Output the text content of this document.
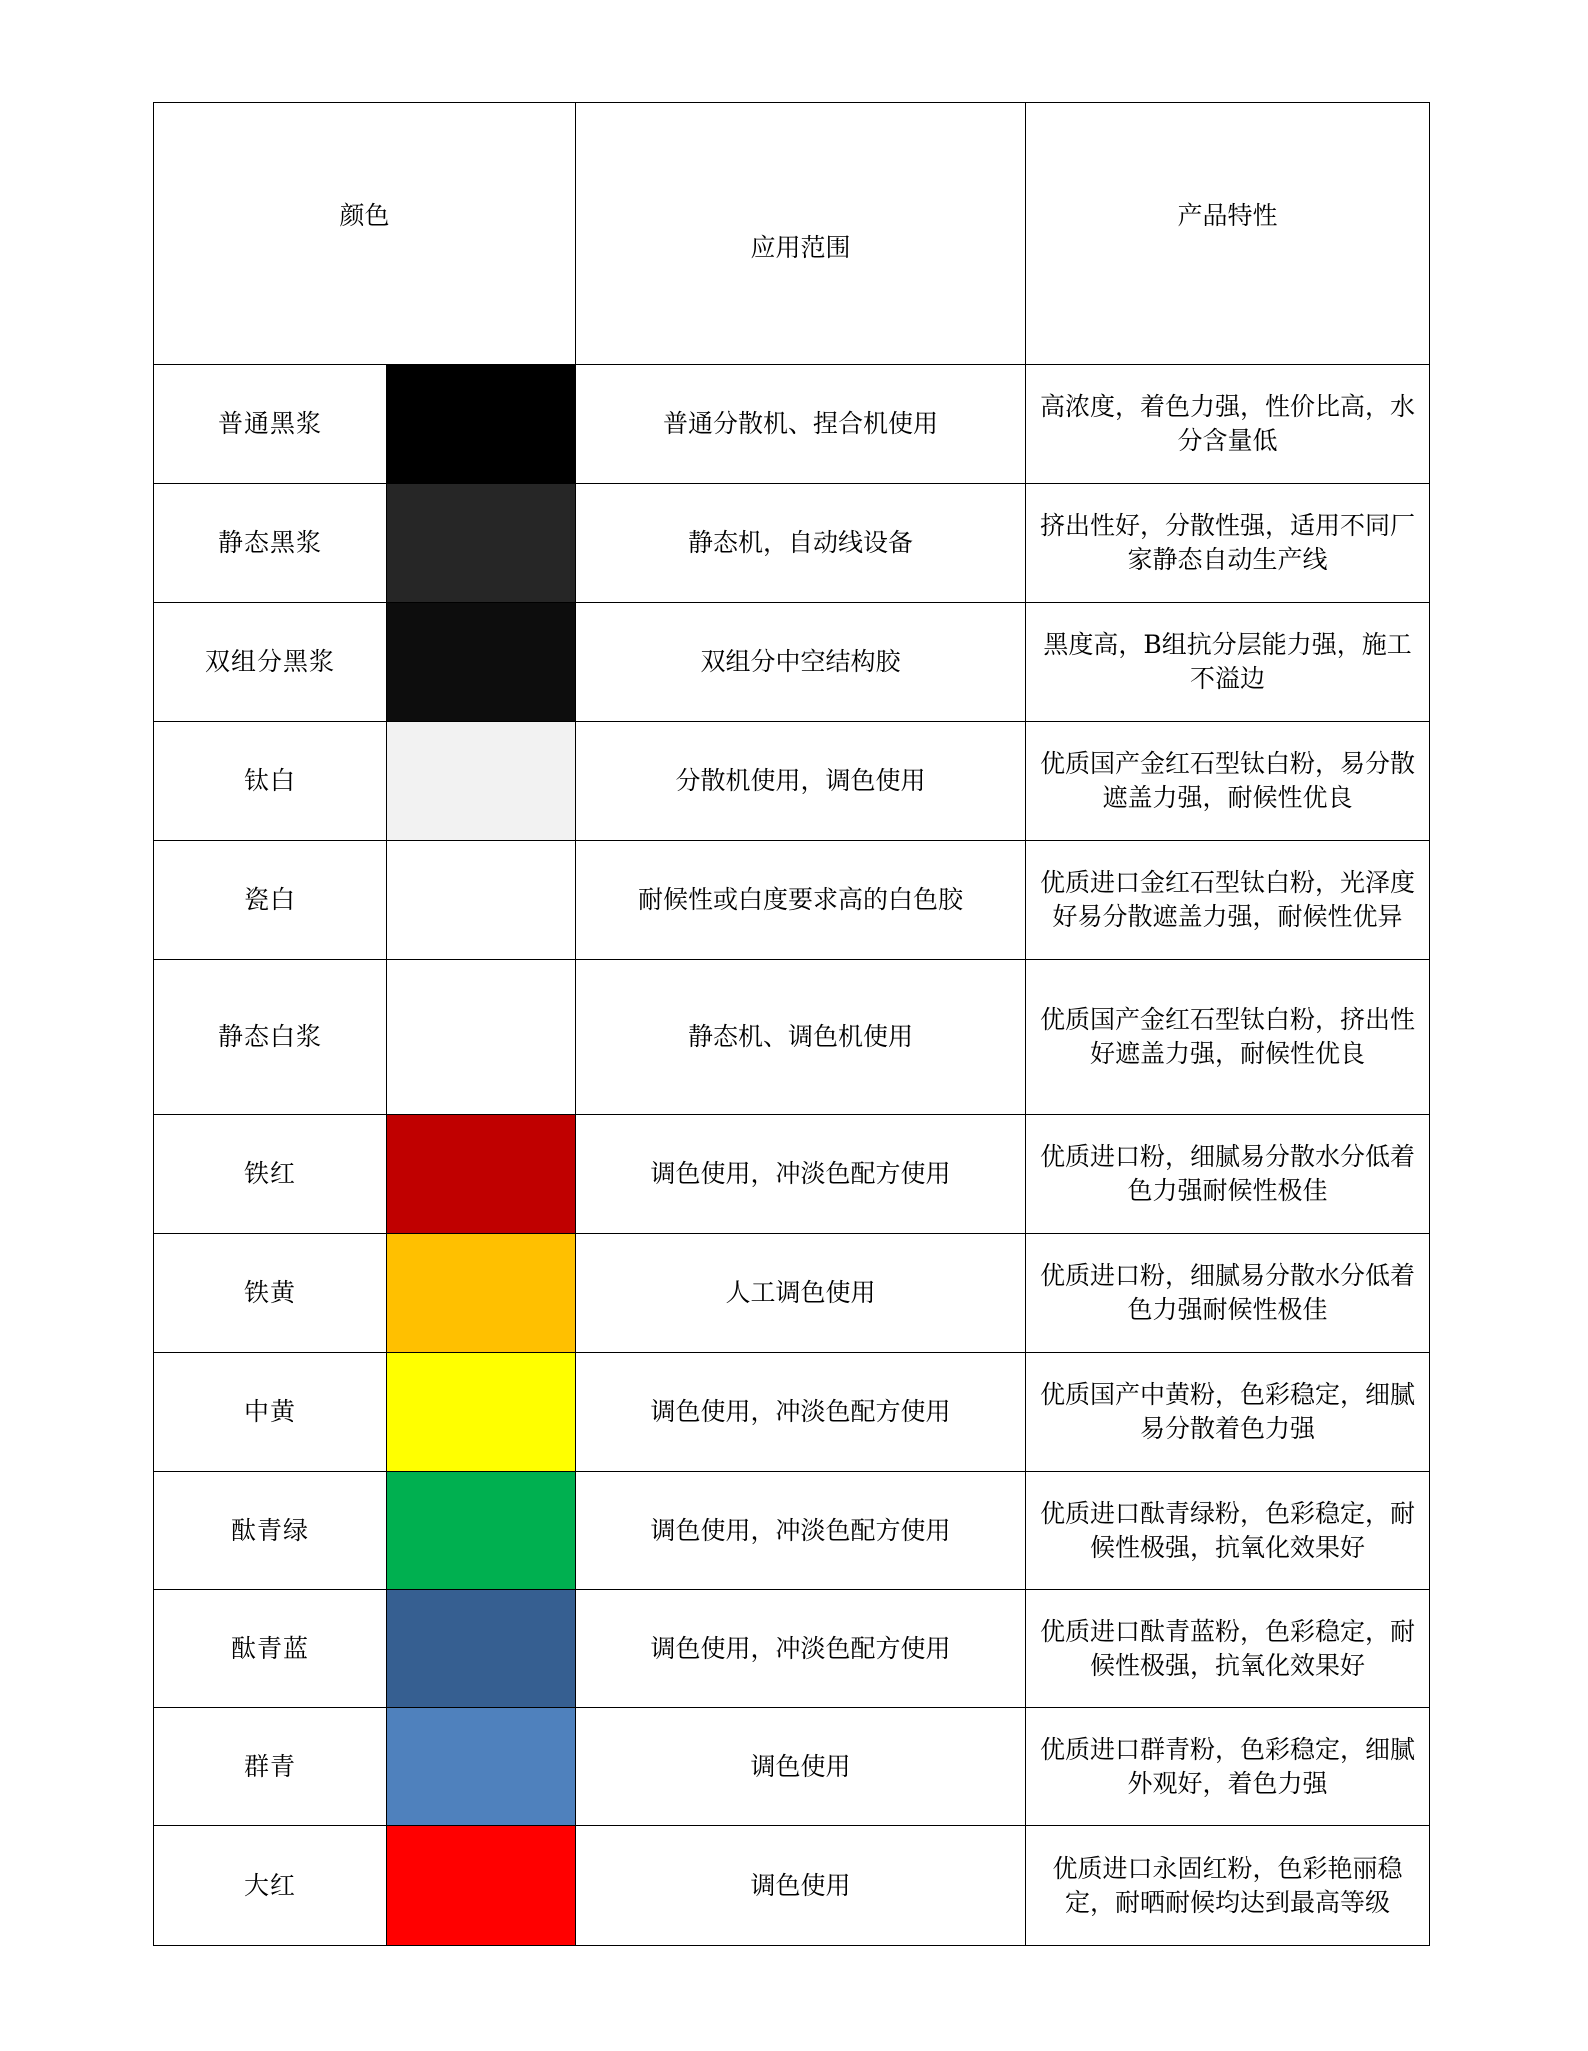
颜色		应用范围	产品特性
普通黑浆		普通分散机、捏合机使用	高浓度，着色力强，性价比高，水分含量低
静态黑浆		静态机，自动线设备	挤出性好，分散性强，适用不同厂家静态自动生产线
双组分黑浆		双组分中空结构胶	黑度高，B组抗分层能力强，施工不溢边
钛白		分散机使用，调色使用	优质国产金红石型钛白粉，易分散遮盖力强，耐候性优良
瓷白		耐候性或白度要求高的白色胶	优质进口金红石型钛白粉，光泽度好易分散遮盖力强，耐候性优异
静态白浆		静态机、调色机使用	优质国产金红石型钛白粉，挤出性好遮盖力强，耐候性优良
铁红		调色使用，冲淡色配方使用	优质进口粉，细腻易分散水分低着色力强耐候性极佳
铁黄		人工调色使用	优质进口粉，细腻易分散水分低着色力强耐候性极佳
中黄		调色使用，冲淡色配方使用	优质国产中黄粉，色彩稳定，细腻易分散着色力强
酞青绿		调色使用，冲淡色配方使用	优质进口酞青绿粉，色彩稳定，耐候性极强，抗氧化效果好
酞青蓝		调色使用，冲淡色配方使用	优质进口酞青蓝粉，色彩稳定，耐候性极强，抗氧化效果好
群青		调色使用	优质进口群青粉，色彩稳定，细腻外观好，着色力强
大红		调色使用	优质进口永固红粉，色彩艳丽稳定，耐晒耐候均达到最高等级
